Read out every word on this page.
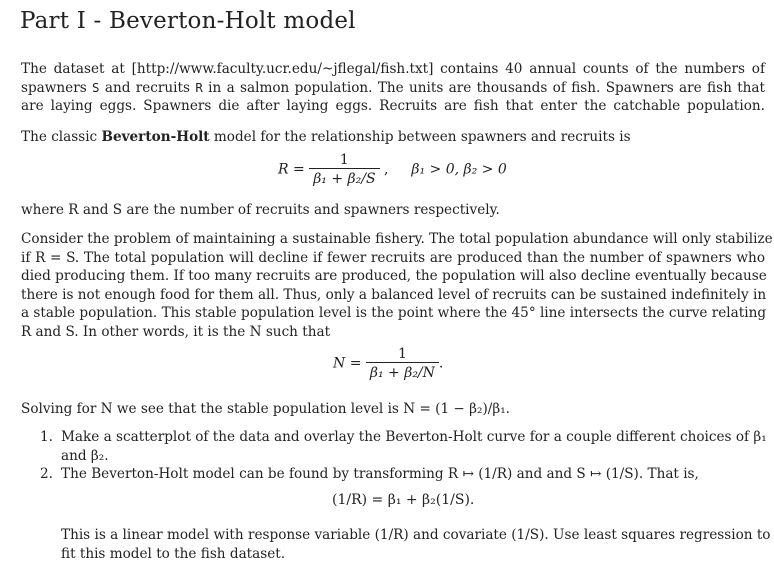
Part I - Beverton-Holt model
The dataset at [http://www.faculty.ucr.edu/~jflegal/fish.txt] contains 40 annual counts of the numbers of
spawners S and recruits R in a salmon population. The units are thousands of fish. Spawners are fish that
are laying eggs. Spawners die after laying eggs. Recruits are fish that enter the catchable population.
The classic Beverton-Holt model for the relationship between spawners and recruits is
$R = \frac{1}{\text{β₁ + β₂/S}}$ , β₁ > 0, β₂ > 0
where R and S are the number of recruits and spawners respectively.
Consider the problem of maintaining a sustainable fishery. The total population abundance will only stabilize
if R = S. The total population will decline if fewer recruits are produced than the number of spawners who
died producing them. If too many recruits are produced, the population will also decline eventually because
there is not enough food for them all. Thus, only a balanced level of recruits can be sustained indefinitely in
a stable population. This stable population level is the point where the 45° line intersects the curve relating
R and S. In other words, it is the N such that
$N = \frac{1}{\text{β₁ + β₂/N}}$ .
Solving for N we see that the stable population level is N = (1 − β₂)/β₁.
1. Make a scatterplot of the data and overlay the Beverton-Holt curve for a couple different choices of β₁
and β₂.
2. The Beverton-Holt model can be found by transforming R ↦ (1/R) and and S ↦ (1/S). That is,
(1/R) = β₁ + β₂(1/S).
This is a linear model with response variable (1/R) and covariate (1/S). Use least squares regression to
fit this model to the fish dataset.
